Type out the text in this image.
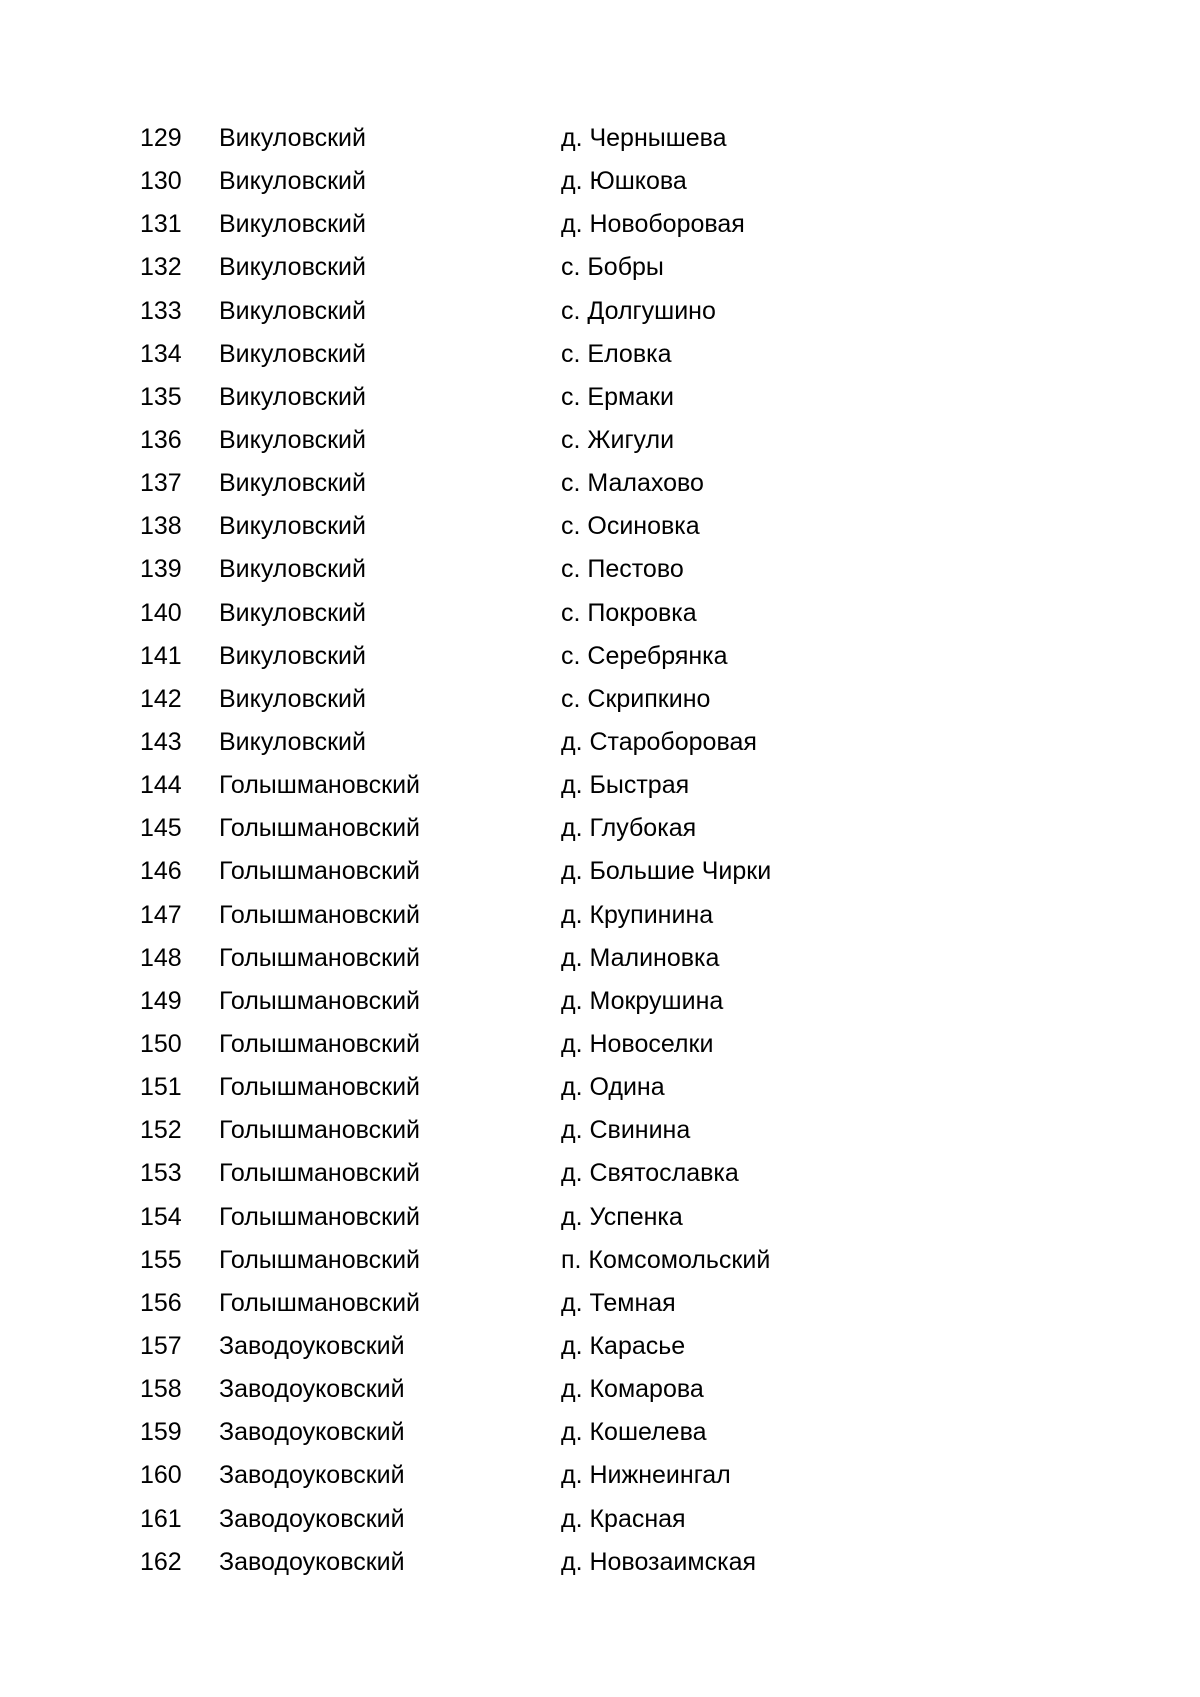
129 Викуловский	д. Чернышева
130 Викуловский	д. Юшкова
131 Викуловский	д. Новоборовая
132 Викуловский	с. Бобры
133 Викуловский	с. Долгушино
134 Викуловский	с. Еловка
135 Викуловский	с. Ермаки
136 Викуловский	с. Жигули
137 Викуловский	с. Малахово
138 Викуловский	с. Осиновка
139 Викуловский	с. Пестово
140 Викуловский	с. Покровка
141 Викуловский	с. Серебрянка
142 Викуловский	с. Скрипкино
143 Викуловский	д. Староборовая
144 Голышмановский	д. Быстрая
145 Голышмановский	д. Глубокая
146 Голышмановский	д. Большие Чирки
147 Голышмановский	д. Крупинина
148 Голышмановский	д. Малиновка
149 Голышмановский	д. Мокрушина
150 Голышмановский	д. Новоселки
151 Голышмановский	д. Одина
152 Голышмановский	д. Свинина
153 Голышмановский	д. Святославка
154 Голышмановский	д. Успенка
155 Голышмановский	п. Комсомольский
156 Голышмановский	д. Темная
157 Заводоуковский	д. Карасье
158 Заводоуковский	д. Комарова
159 Заводоуковский	д. Кошелева
160 Заводоуковский	д. Нижнеингал
161 Заводоуковский	д. Красная
162 Заводоуковский	д. Новозаимская
